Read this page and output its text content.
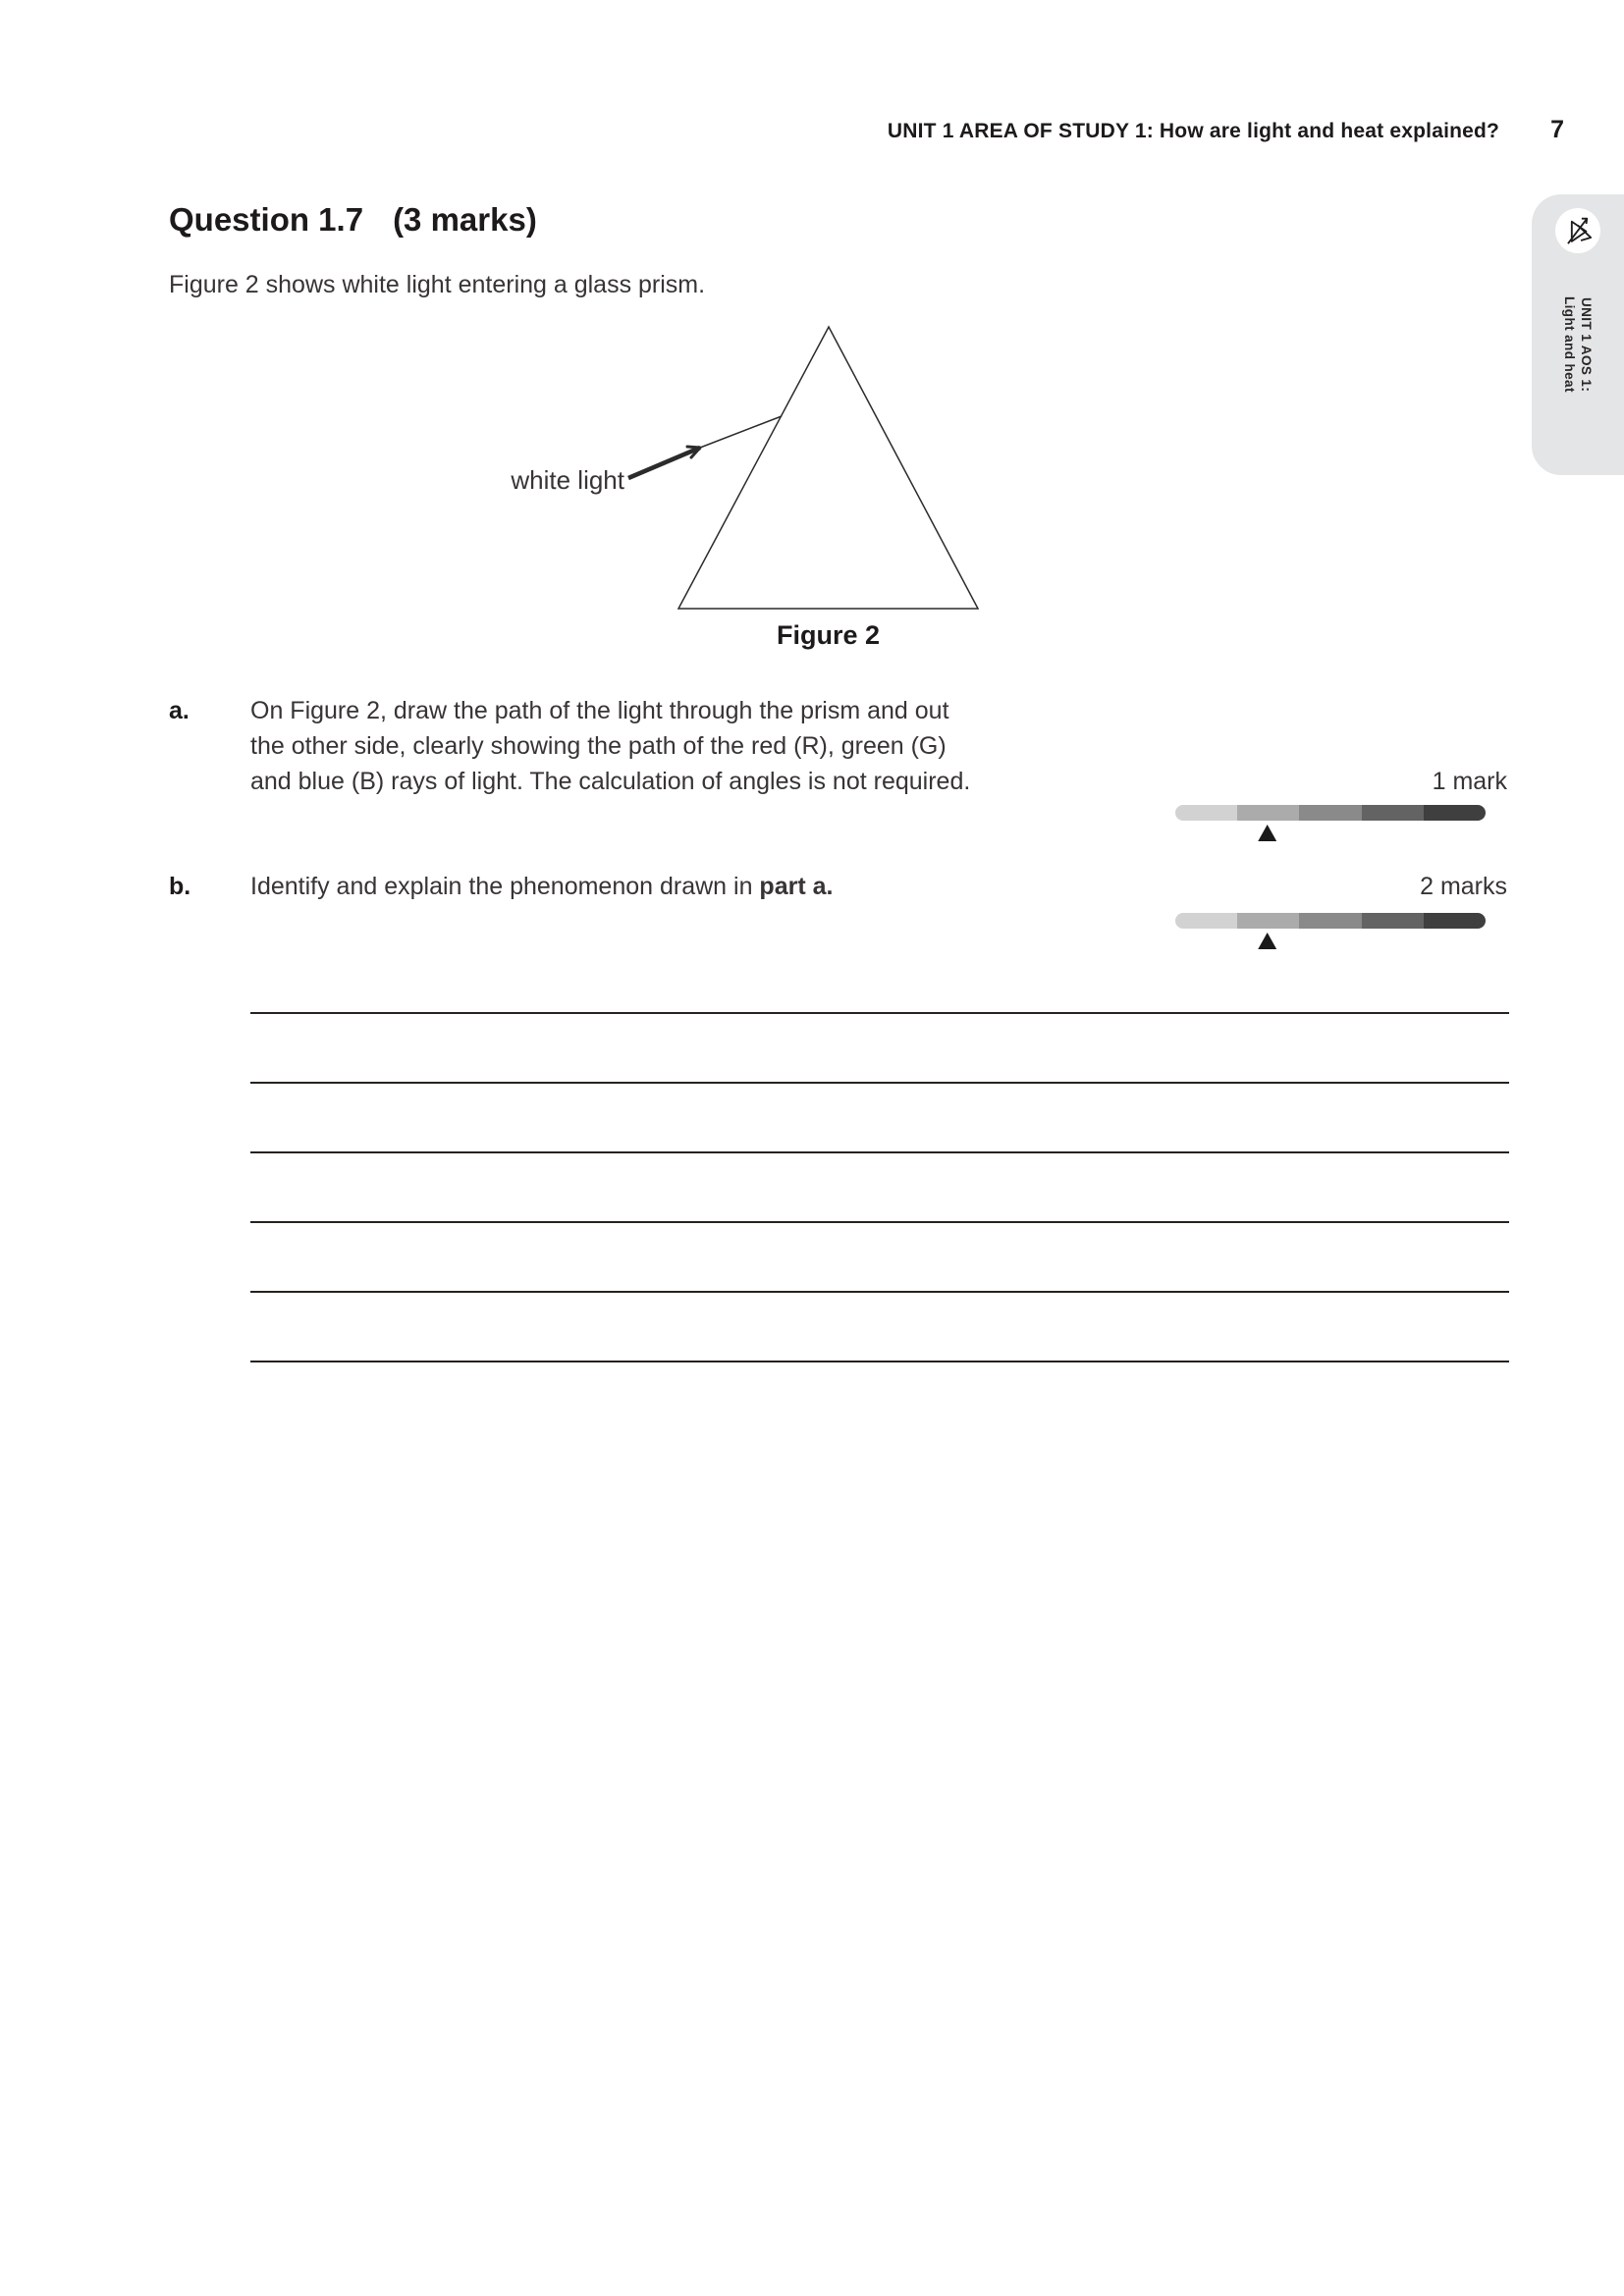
UNIT 1 AREA OF STUDY 1: How are light and heat explained? 7
Question 1.7 (3 marks)
Figure 2 shows white light entering a glass prism.
white light
Figure 2
a. On Figure 2, draw the path of the light through the prism and out
the other side, clearly showing the path of the red (R), green (G)
and blue (B) rays of light. The calculation of angles is not required.	1 mark
b. Identify and explain the phenomenon drawn in part a.	2 marks
UNIT 1 AOS 1:
Light and heat
